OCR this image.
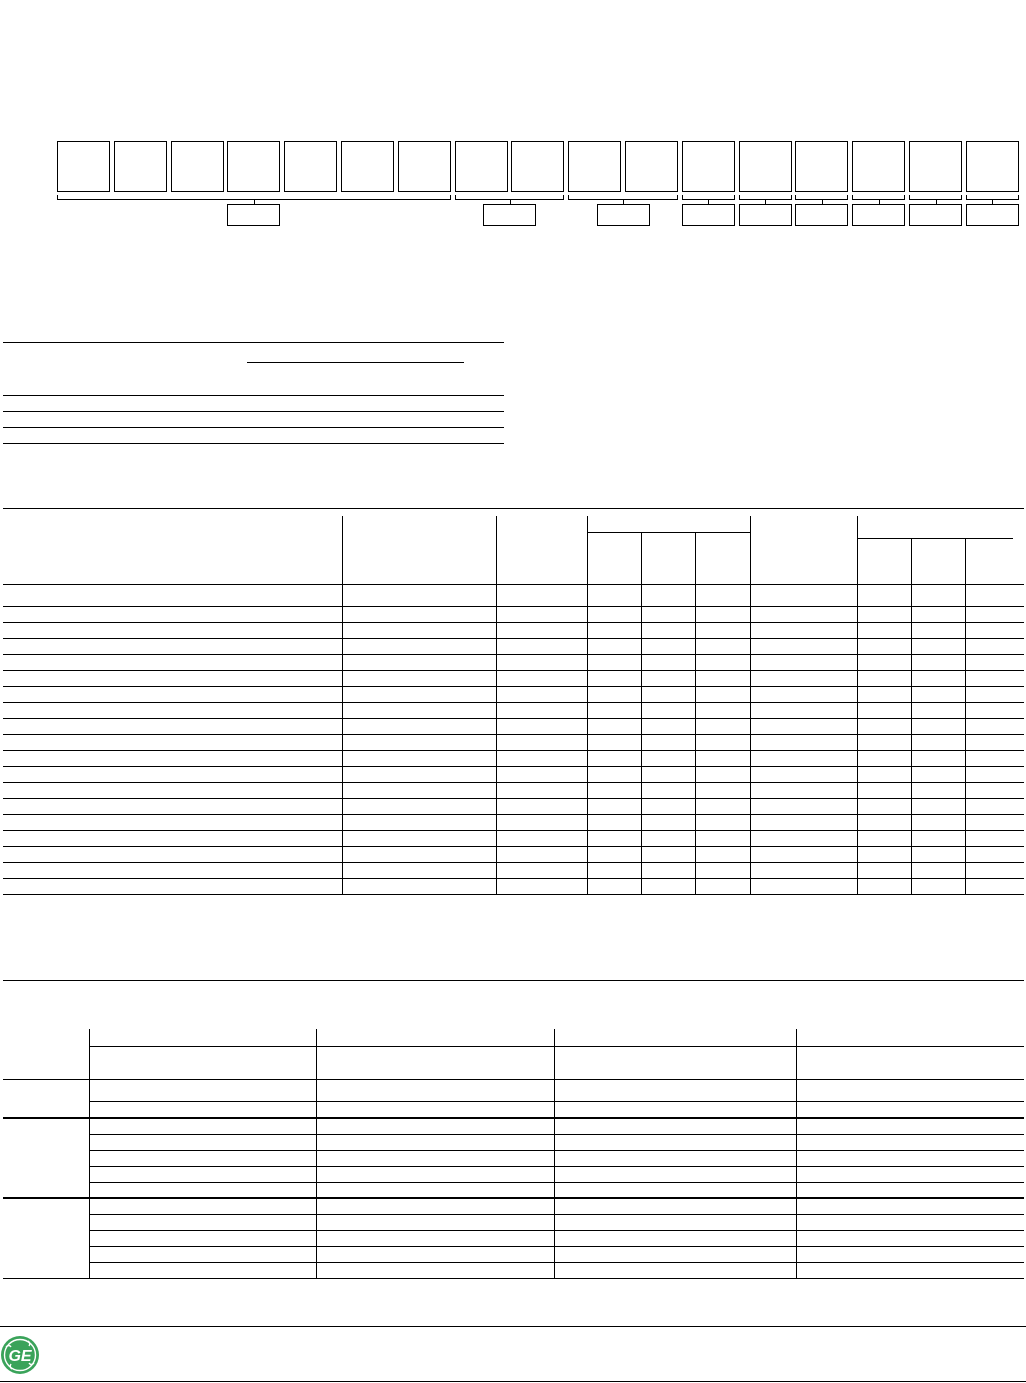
GE
